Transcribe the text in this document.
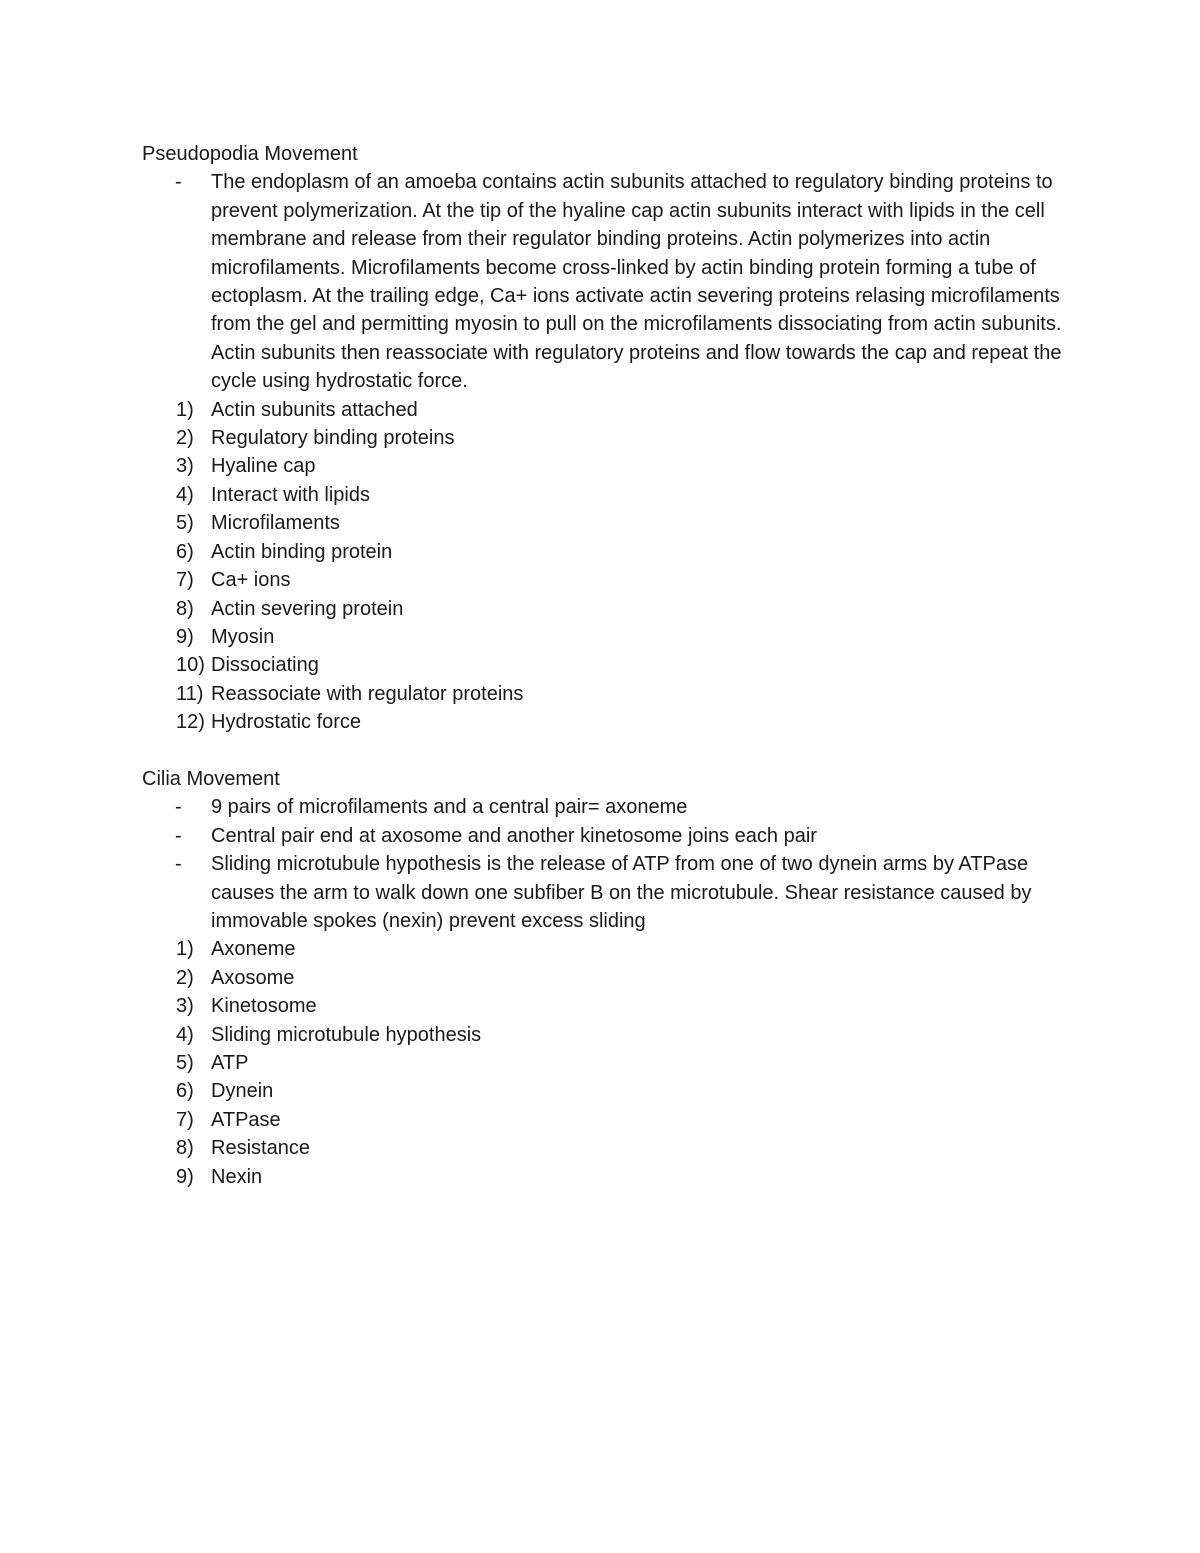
Pseudopodia Movement
-	The endoplasm of an amoeba contains actin subunits attached to regulatory binding proteins to prevent polymerization. At the tip of the hyaline cap actin subunits interact with lipids in the cell membrane and release from their regulator binding proteins. Actin polymerizes into actin microfilaments. Microfilaments become cross-linked by actin binding protein forming a tube of ectoplasm. At the trailing edge, Ca+ ions activate actin severing proteins relasing microfilaments from the gel and permitting myosin to pull on the microfilaments dissociating from actin subunits. Actin subunits then reassociate with regulatory proteins and flow towards the cap and repeat the cycle using hydrostatic force.
1) Actin subunits attached
2) Regulatory binding proteins
3) Hyaline cap
4) Interact with lipids
5) Microfilaments
6) Actin binding protein
7) Ca+ ions
8) Actin severing protein
9) Myosin
10) Dissociating
11) Reassociate with regulator proteins
12) Hydrostatic force
Cilia Movement
-	9 pairs of microfilaments and a central pair= axoneme
-	Central pair end at axosome and another kinetosome joins each pair
-	Sliding microtubule hypothesis is the release of ATP from one of two dynein arms by ATPase causes the arm to walk down one subfiber B on the microtubule. Shear resistance caused by immovable spokes (nexin) prevent excess sliding
1) Axoneme
2) Axosome
3) Kinetosome
4) Sliding microtubule hypothesis
5) ATP
6) Dynein
7) ATPase
8) Resistance
9) Nexin
